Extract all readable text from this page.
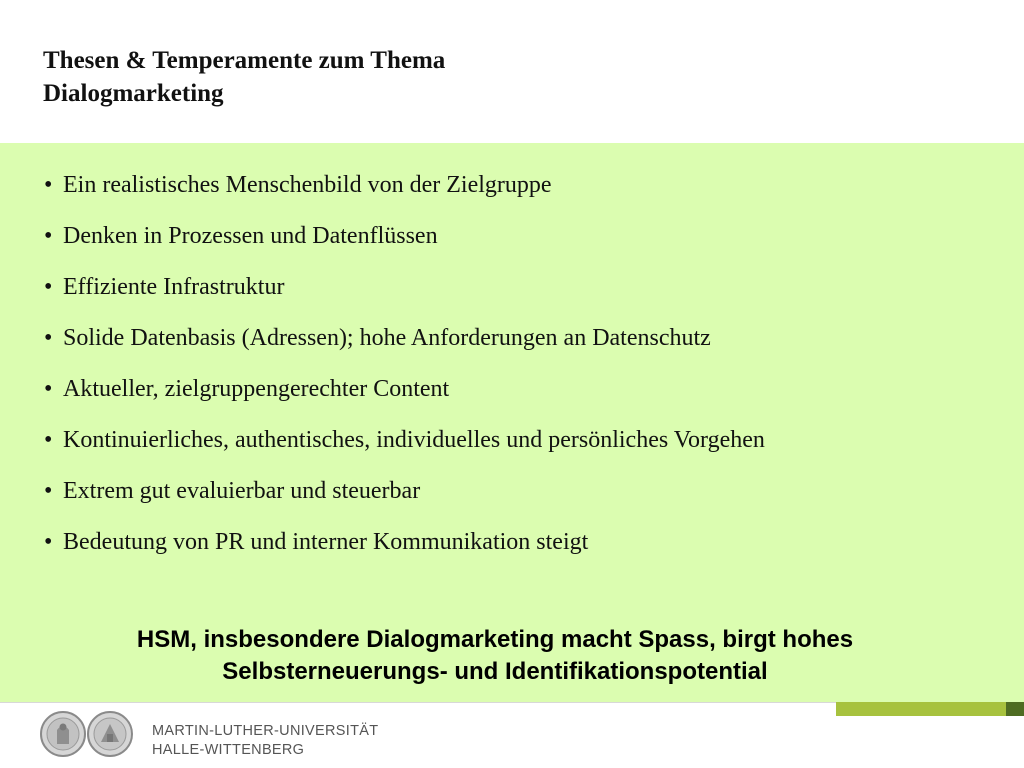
Thesen & Temperamente zum Thema
Dialogmarketing
• Ein realistisches Menschenbild von der Zielgruppe
• Denken in Prozessen und Datenflüssen
• Effiziente Infrastruktur
• Solide Datenbasis (Adressen); hohe Anforderungen an Datenschutz
• Aktueller, zielgruppengerechter Content
• Kontinuierliches, authentisches, individuelles und persönliches Vorgehen
• Extrem gut evaluierbar und steuerbar
• Bedeutung von PR und interner Kommunikation steigt
HSM, insbesondere Dialogmarketing macht Spass, birgt hohes
Selbsterneuerungs- und Identifikationspotential
MARTIN-LUTHER-UNIVERSITÄT
HALLE-WITTENBERG
